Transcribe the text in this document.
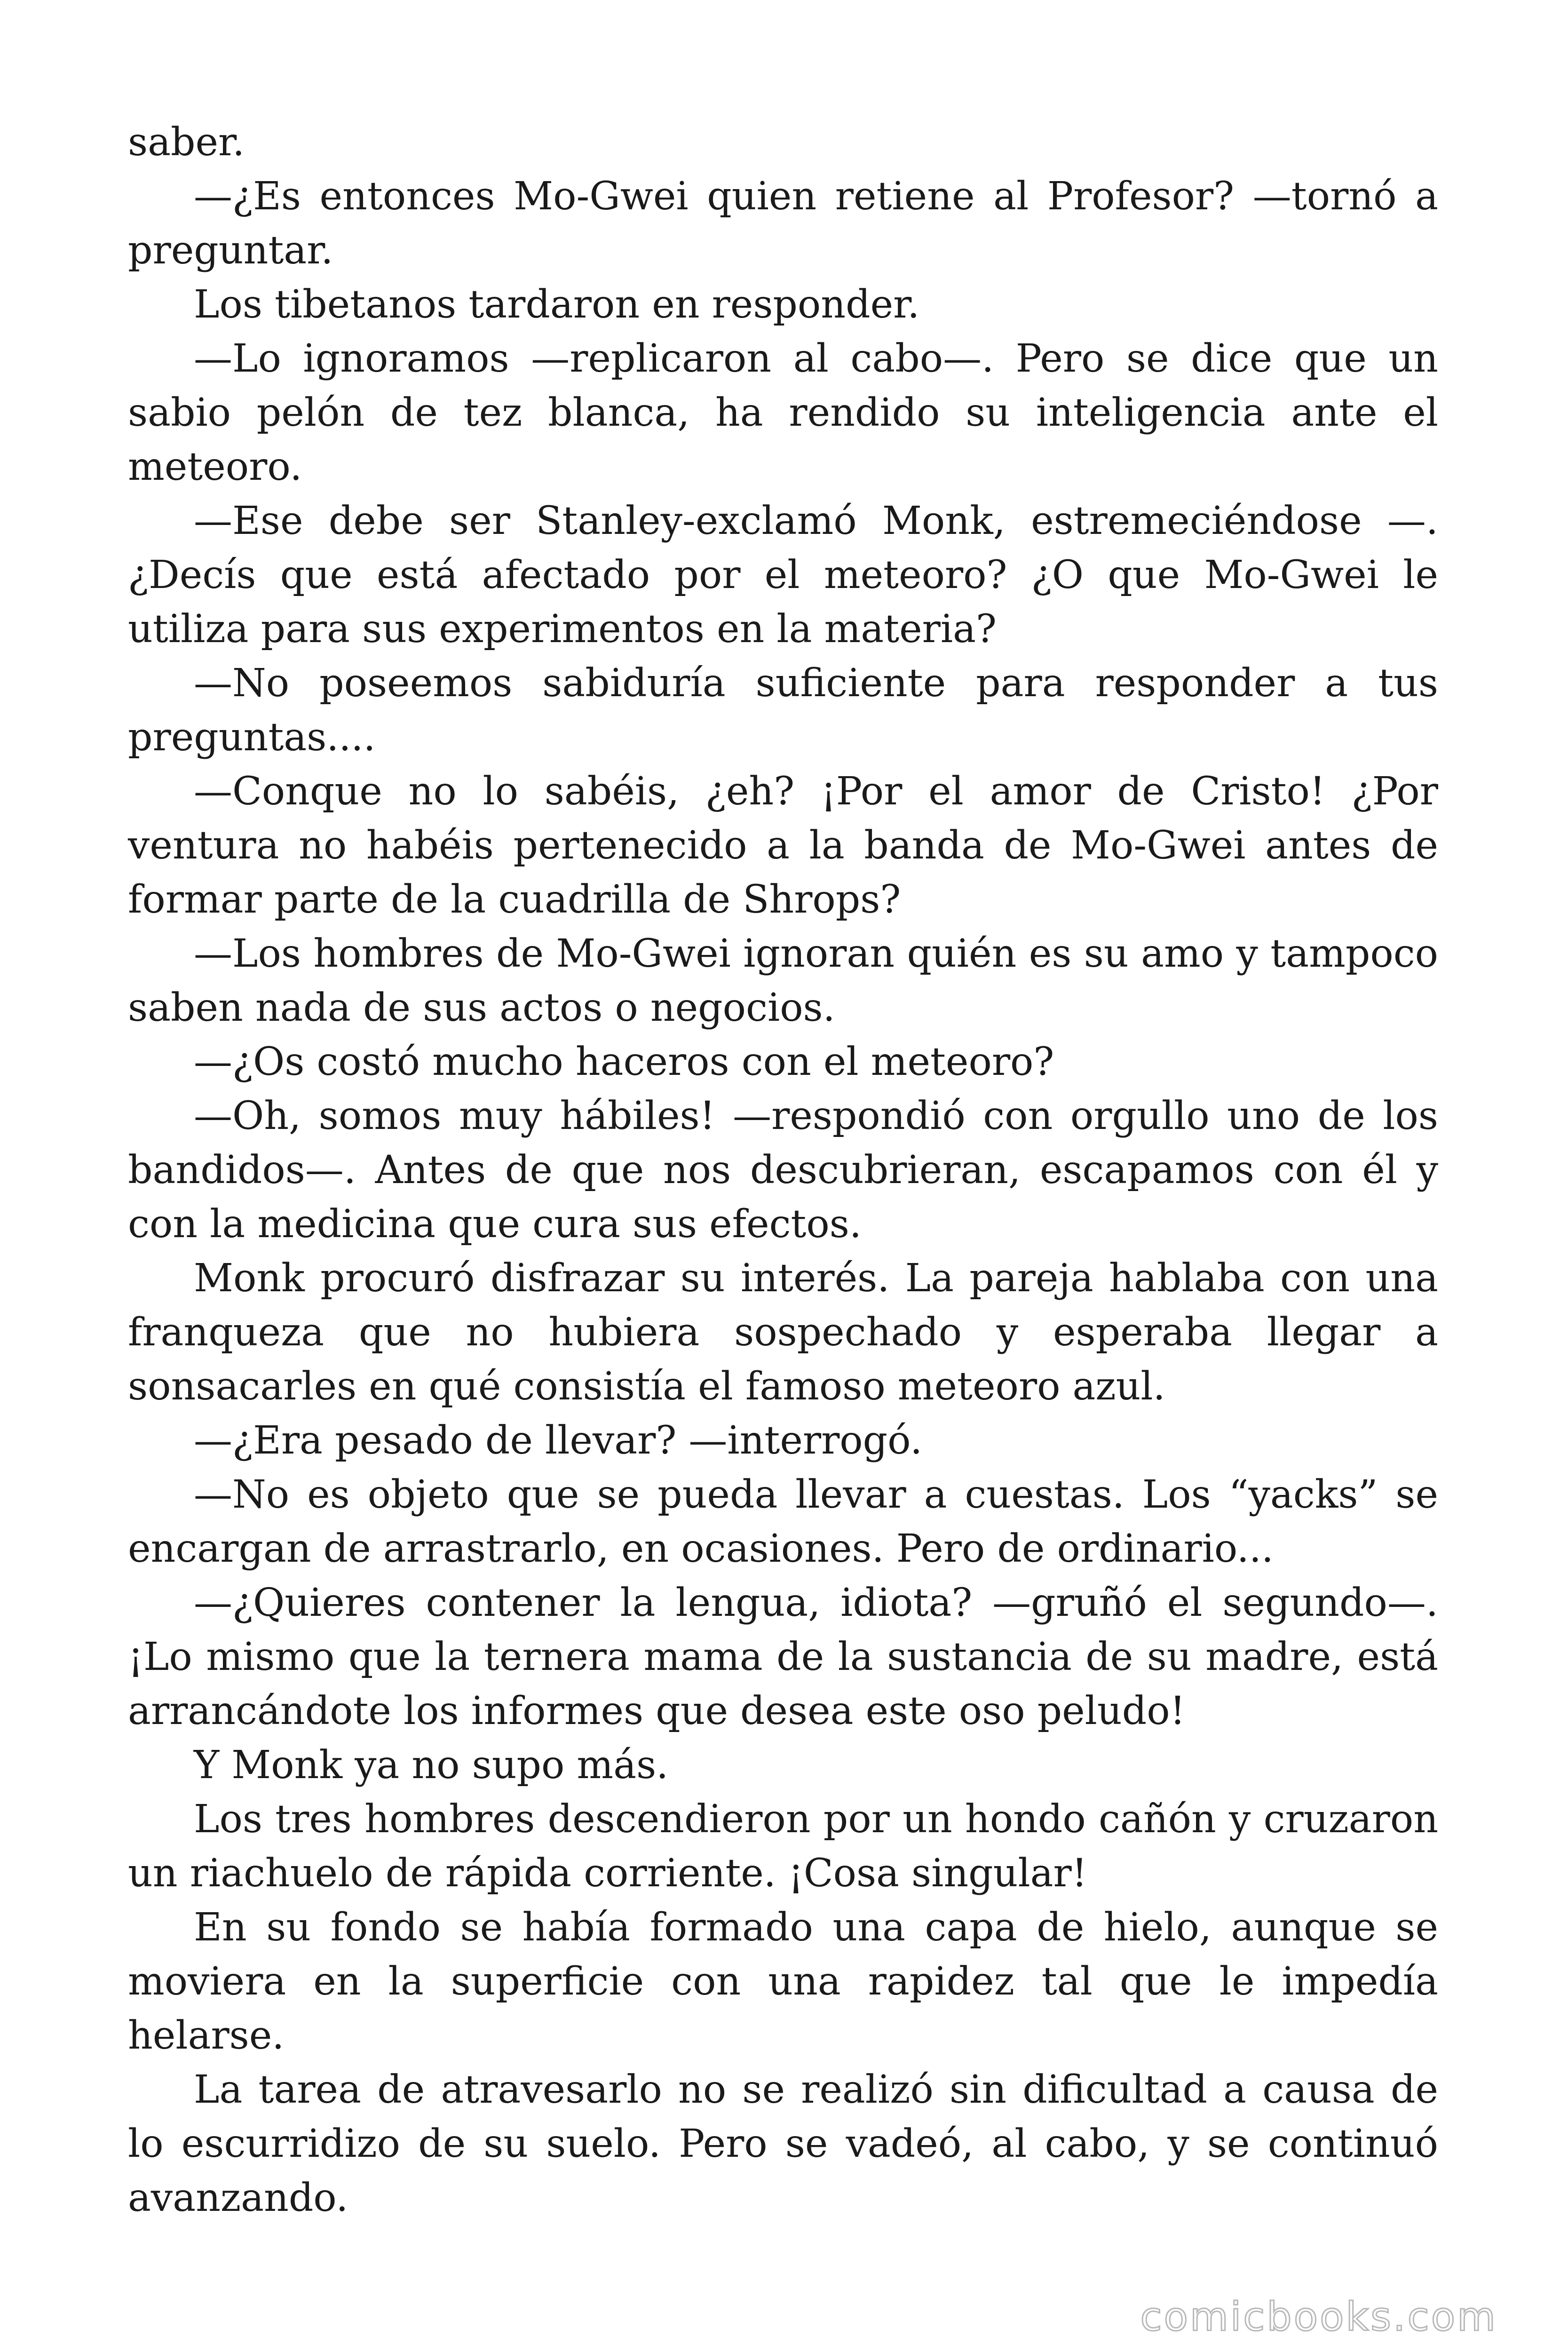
saber.

—¿Es entonces Mo-Gwei quien retiene al Profesor? —tornó a preguntar.

Los tibetanos tardaron en responder.

—Lo ignoramos —replicaron al cabo—. Pero se dice que un sabio pelón de tez blanca, ha rendido su inteligencia ante el meteoro.

—Ese debe ser Stanley-exclamó Monk, estremeciéndose —. ¿Decís que está afectado por el meteoro? ¿O que Mo-Gwei le utiliza para sus experimentos en la materia?

—No poseemos sabiduría suficiente para responder a tus preguntas....

—Conque no lo sabéis, ¿eh? ¡Por el amor de Cristo! ¿Por ventura no habéis pertenecido a la banda de Mo-Gwei antes de formar parte de la cuadrilla de Shrops?

—Los hombres de Mo-Gwei ignoran quién es su amo y tampoco saben nada de sus actos o negocios.

—¿Os costó mucho haceros con el meteoro?

—Oh, somos muy hábiles! —respondió con orgullo uno de los bandidos—. Antes de que nos descubrieran, escapamos con él y con la medicina que cura sus efectos.

Monk procuró disfrazar su interés. La pareja hablaba con una franqueza que no hubiera sospechado y esperaba llegar a sonsacarles en qué consistía el famoso meteoro azul.

—¿Era pesado de llevar? —interrogó.

—No es objeto que se pueda llevar a cuestas. Los “yacks” se encargan de arrastrarlo, en ocasiones. Pero de ordinario...

—¿Quieres contener la lengua, idiota? —gruñó el segundo—. ¡Lo mismo que la ternera mama de la sustancia de su madre, está arrancándote los informes que desea este oso peludo!

Y Monk ya no supo más.

Los tres hombres descendieron por un hondo cañón y cruzaron un riachuelo de rápida corriente. ¡Cosa singular!

En su fondo se había formado una capa de hielo, aunque se moviera en la superficie con una rapidez tal que le impedía helarse.

La tarea de atravesarlo no se realizó sin dificultad a causa de lo escurridizo de su suelo. Pero se vadeó, al cabo, y se continuó avanzando.

comicbooks.com
